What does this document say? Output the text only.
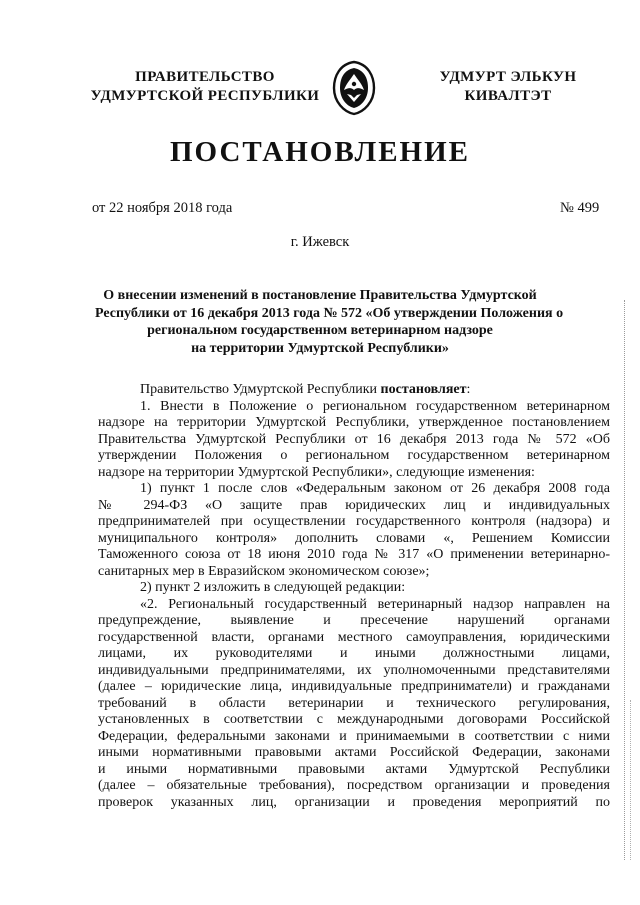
ПРАВИТЕЛЬСТВО
УДМУРТСКОЙ РЕСПУБЛИКИ
УДМУРТ ЭЛЬКУН
КИВАЛТЭТ
ПОСТАНОВЛЕНИЕ
от 22 ноября 2018 года	№ 499
г. Ижевск
О внесении изменений в постановление Правительства Удмуртской
Республики от 16 декабря 2013 года № 572 «Об утверждении Положения о
региональном государственном ветеринарном надзоре
на территории Удмуртской Республики»
Правительство Удмуртской Республики постановляет:
1. Внести в Положение о региональном государственном ветеринарном
надзоре на территории Удмуртской Республики, утвержденное постановлением
Правительства Удмуртской Республики от 16 декабря 2013 года № 572 «Об
утверждении Положения о региональном государственном ветеринарном
надзоре на территории Удмуртской Республики», следующие изменения:
1) пункт 1 после слов «Федеральным законом от 26 декабря 2008 года
№ 294-ФЗ «О защите прав юридических лиц и индивидуальных
предпринимателей при осуществлении государственного контроля (надзора) и
муниципального контроля» дополнить словами «, Решением Комиссии
Таможенного союза от 18 июня 2010 года № 317 «О применении ветеринарно-
санитарных мер в Евразийском экономическом союзе»;
2) пункт 2 изложить в следующей редакции:
«2. Региональный государственный ветеринарный надзор направлен на
предупреждение, выявление и пресечение нарушений органами
государственной власти, органами местного самоуправления, юридическими
лицами, их руководителями и иными должностными лицами,
индивидуальными предпринимателями, их уполномоченными представителями
(далее – юридические лица, индивидуальные предприниматели) и гражданами
требований в области ветеринарии и технического регулирования,
установленных в соответствии с международными договорами Российской
Федерации, федеральными законами и принимаемыми в соответствии с ними
иными нормативными правовыми актами Российской Федерации, законами
и иными нормативными правовыми актами Удмуртской Республики
(далее – обязательные требования), посредством организации и проведения
проверок указанных лиц, организации и проведения мероприятий по
